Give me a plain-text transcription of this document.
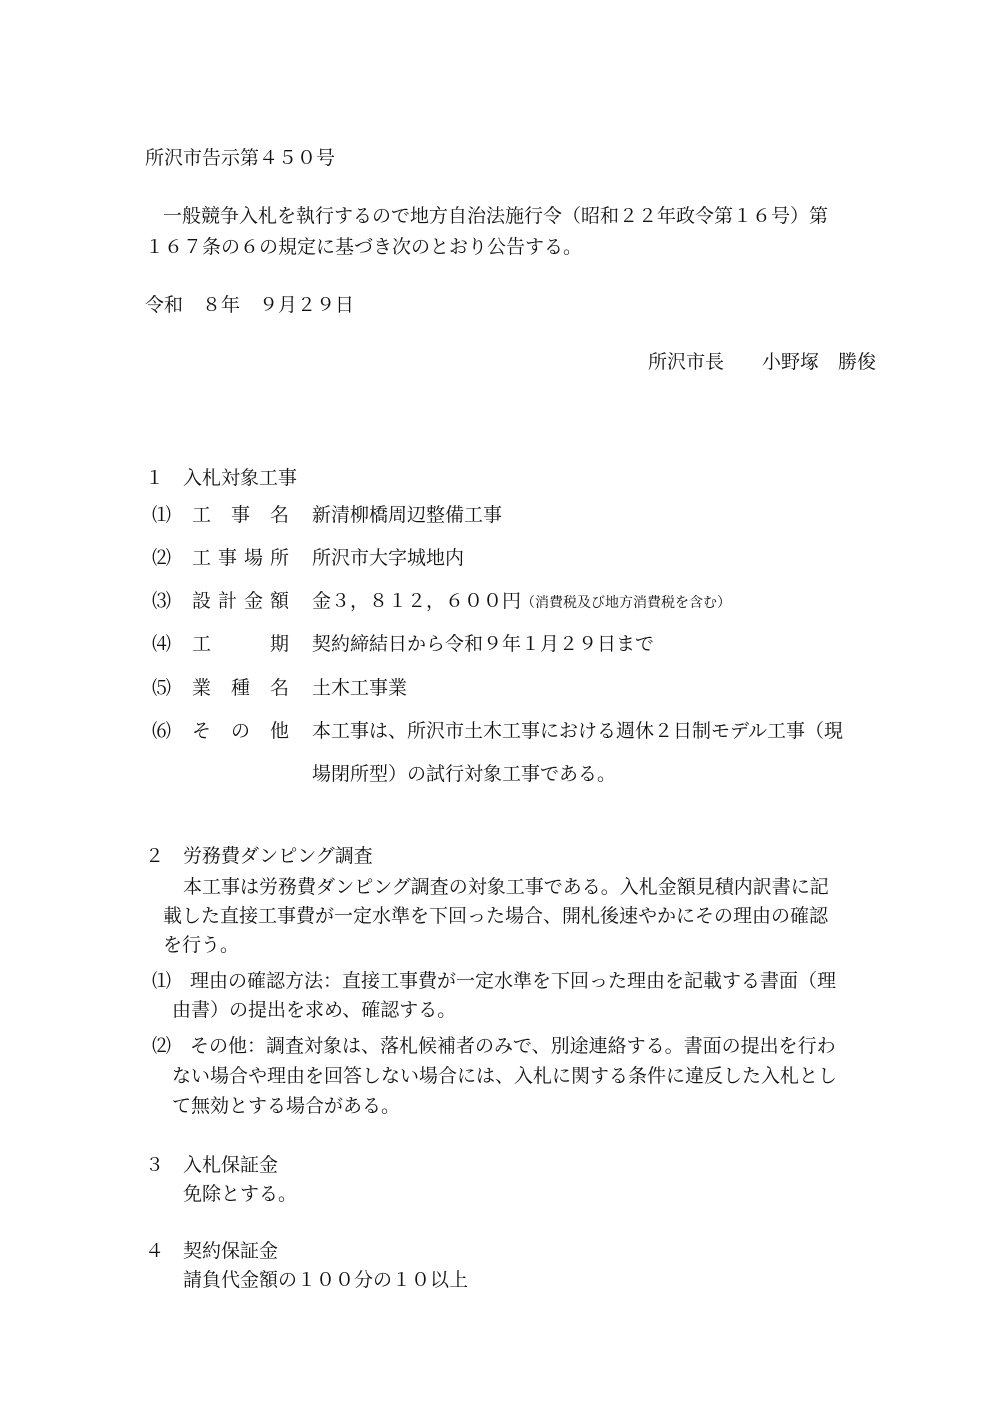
所沢市告示第４５０号
一般競争入札を執行するので地方自治法施行令（昭和２２年政令第１６号）第
１６７条の６の規定に基づき次のとおり公告する。
令和　８年　９月２９日
所沢市長　　小野塚　勝俊
１　入札対象工事
⑴ 工 事 名 新清柳橋周辺整備工事
⑵ 工 事 場 所 所沢市大字城地内
⑶ 設 計 金 額 金３，８１２，６００円（消費税及び地方消費税を含む）
⑷ 工	期 契約締結日から令和９年１月２９日まで
⑸ 業 種 名 土木工事業
⑹ そ の 他 本工事は、所沢市土木工事における週休２日制モデル工事（現
場閉所型）の試行対象工事である。
２　労務費ダンピング調査
本工事は労務費ダンピング調査の対象工事である。入札金額見積内訳書に記
載した直接工事費が一定水準を下回った場合、開札後速やかにその理由の確認
を行う。
⑴　理由の確認方法：直接工事費が一定水準を下回った理由を記載する書面（理
由書）の提出を求め、確認する。
⑵　その他：調査対象は、落札候補者のみで、別途連絡する。書面の提出を行わ
ない場合や理由を回答しない場合には、入札に関する条件に違反した入札とし
て無効とする場合がある。
３　入札保証金
免除とする。
４　契約保証金
請負代金額の１００分の１０以上
